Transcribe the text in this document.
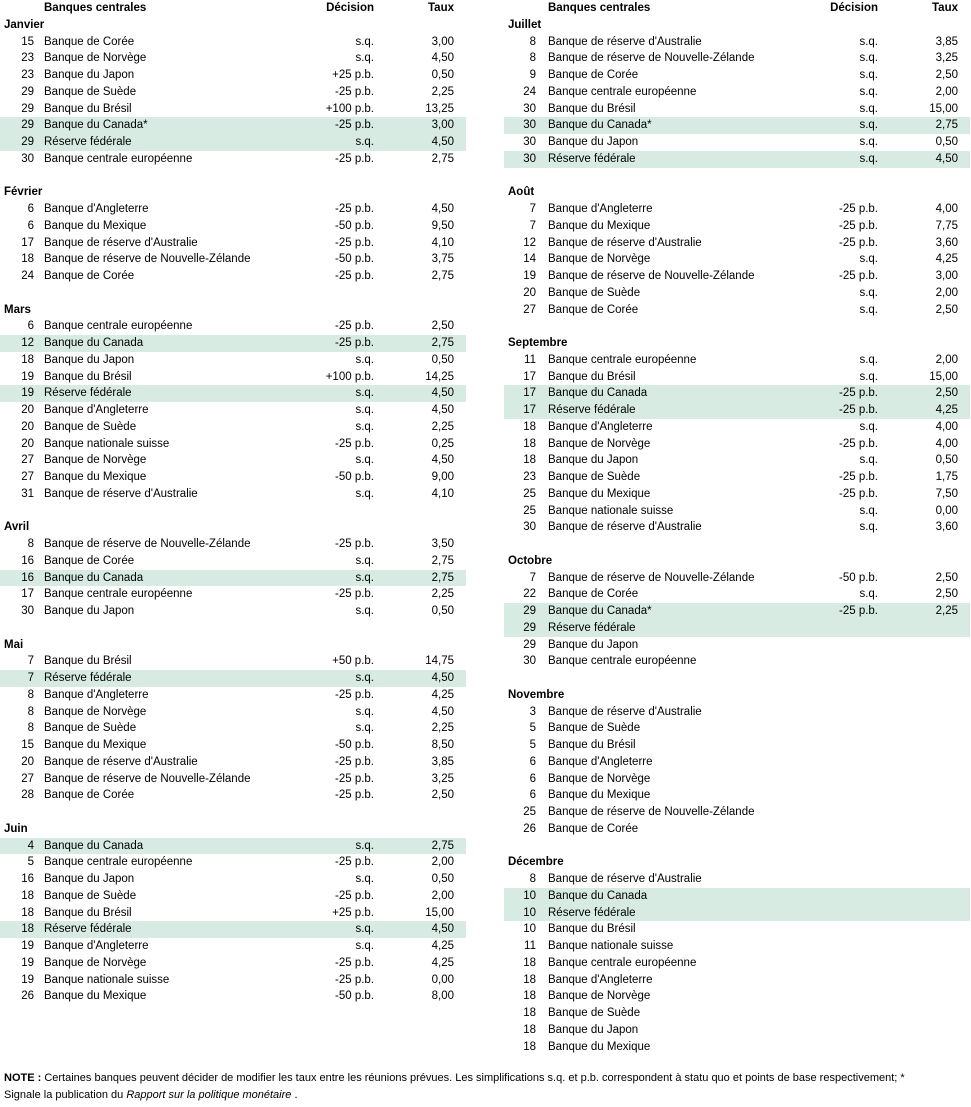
Banques centrales	Décision	Taux
Janvier
15 Banque de Corée	s.q.	3,00
23 Banque de Norvège	s.q.	4,50
23 Banque du Japon	+25 p.b.	0,50
29 Banque de Suède	-25 p.b.	2,25
29 Banque du Brésil	+100 p.b.	13,25
29 Banque du Canada*	-25 p.b.	3,00
29 Réserve fédérale	s.q.	4,50
30 Banque centrale européenne	-25 p.b.	2,75
Février
6 Banque d'Angleterre	-25 p.b.	4,50
6 Banque du Mexique	-50 p.b.	9,50
17 Banque de réserve d'Australie	-25 p.b.	4,10
18 Banque de réserve de Nouvelle-Zélande	-50 p.b.	3,75
24 Banque de Corée	-25 p.b.	2,75
Mars
6 Banque centrale européenne	-25 p.b.	2,50
12 Banque du Canada	-25 p.b.	2,75
18 Banque du Japon	s.q.	0,50
19 Banque du Brésil	+100 p.b.	14,25
19 Réserve fédérale	s.q.	4,50
20 Banque d'Angleterre	s.q.	4,50
20 Banque de Suède	s.q.	2,25
20 Banque nationale suisse	-25 p.b.	0,25
27 Banque de Norvège	s.q.	4,50
27 Banque du Mexique	-50 p.b.	9,00
31 Banque de réserve d'Australie	s.q.	4,10
Avril
8 Banque de réserve de Nouvelle-Zélande	-25 p.b.	3,50
16 Banque de Corée	s.q.	2,75
16 Banque du Canada	s.q.	2,75
17 Banque centrale européenne	-25 p.b.	2,25
30 Banque du Japon	s.q.	0,50
Mai
7 Banque du Brésil	+50 p.b.	14,75
7 Réserve fédérale	s.q.	4,50
8 Banque d'Angleterre	-25 p.b.	4,25
8 Banque de Norvège	s.q.	4,50
8 Banque de Suède	s.q.	2,25
15 Banque du Mexique	-50 p.b.	8,50
20 Banque de réserve d'Australie	-25 p.b.	3,85
27 Banque de réserve de Nouvelle-Zélande	-25 p.b.	3,25
28 Banque de Corée	-25 p.b.	2,50
Juin
4 Banque du Canada	s.q.	2,75
5 Banque centrale européenne	-25 p.b.	2,00
16 Banque du Japon	s.q.	0,50
18 Banque de Suède	-25 p.b.	2,00
18 Banque du Brésil	+25 p.b.	15,00
18 Réserve fédérale	s.q.	4,50
19 Banque d'Angleterre	s.q.	4,25
19 Banque de Norvège	-25 p.b.	4,25
19 Banque nationale suisse	-25 p.b.	0,00
26 Banque du Mexique	-50 p.b.	8,00
Banques centrales	Décision	Taux
Juillet
8 Banque de réserve d'Australie	s.q.	3,85
8 Banque de réserve de Nouvelle-Zélande	s.q.	3,25
9 Banque de Corée	s.q.	2,50
24 Banque centrale européenne	s.q.	2,00
30 Banque du Brésil	s.q.	15,00
30 Banque du Canada*	s.q.	2,75
30 Banque du Japon	s.q.	0,50
30 Réserve fédérale	s.q.	4,50
Août
7 Banque d'Angleterre	-25 p.b.	4,00
7 Banque du Mexique	-25 p.b.	7,75
12 Banque de réserve d'Australie	-25 p.b.	3,60
14 Banque de Norvège	s.q.	4,25
19 Banque de réserve de Nouvelle-Zélande	-25 p.b.	3,00
20 Banque de Suède	s.q.	2,00
27 Banque de Corée	s.q.	2,50
Septembre
11 Banque centrale européenne	s.q.	2,00
17 Banque du Brésil	s.q.	15,00
17 Banque du Canada	-25 p.b.	2,50
17 Réserve fédérale	-25 p.b.	4,25
18 Banque d'Angleterre	s.q.	4,00
18 Banque de Norvège	-25 p.b.	4,00
18 Banque du Japon	s.q.	0,50
23 Banque de Suède	-25 p.b.	1,75
25 Banque du Mexique	-25 p.b.	7,50
25 Banque nationale suisse	s.q.	0,00
30 Banque de réserve d'Australie	s.q.	3,60
Octobre
7 Banque de réserve de Nouvelle-Zélande	-50 p.b.	2,50
22 Banque de Corée	s.q.	2,50
29 Banque du Canada*	-25 p.b.	2,25
29 Réserve fédérale
29 Banque du Japon
30 Banque centrale européenne
Novembre
3 Banque de réserve d'Australie
5 Banque de Suède
5 Banque du Brésil
6 Banque d'Angleterre
6 Banque de Norvège
6 Banque du Mexique
25 Banque de réserve de Nouvelle-Zélande
26 Banque de Corée
Décembre
8 Banque de réserve d'Australie
10 Banque du Canada
10 Réserve fédérale
10 Banque du Brésil
11 Banque nationale suisse
18 Banque centrale européenne
18 Banque d'Angleterre
18 Banque de Norvège
18 Banque de Suède
18 Banque du Japon
18 Banque du Mexique
NOTE : Certaines banques peuvent décider de modifier les taux entre les réunions prévues. Les simplifications s.q. et p.b. correspondent à statu quo et points de base respectivement; * Signale la publication du Rapport sur la politique monétaire .
